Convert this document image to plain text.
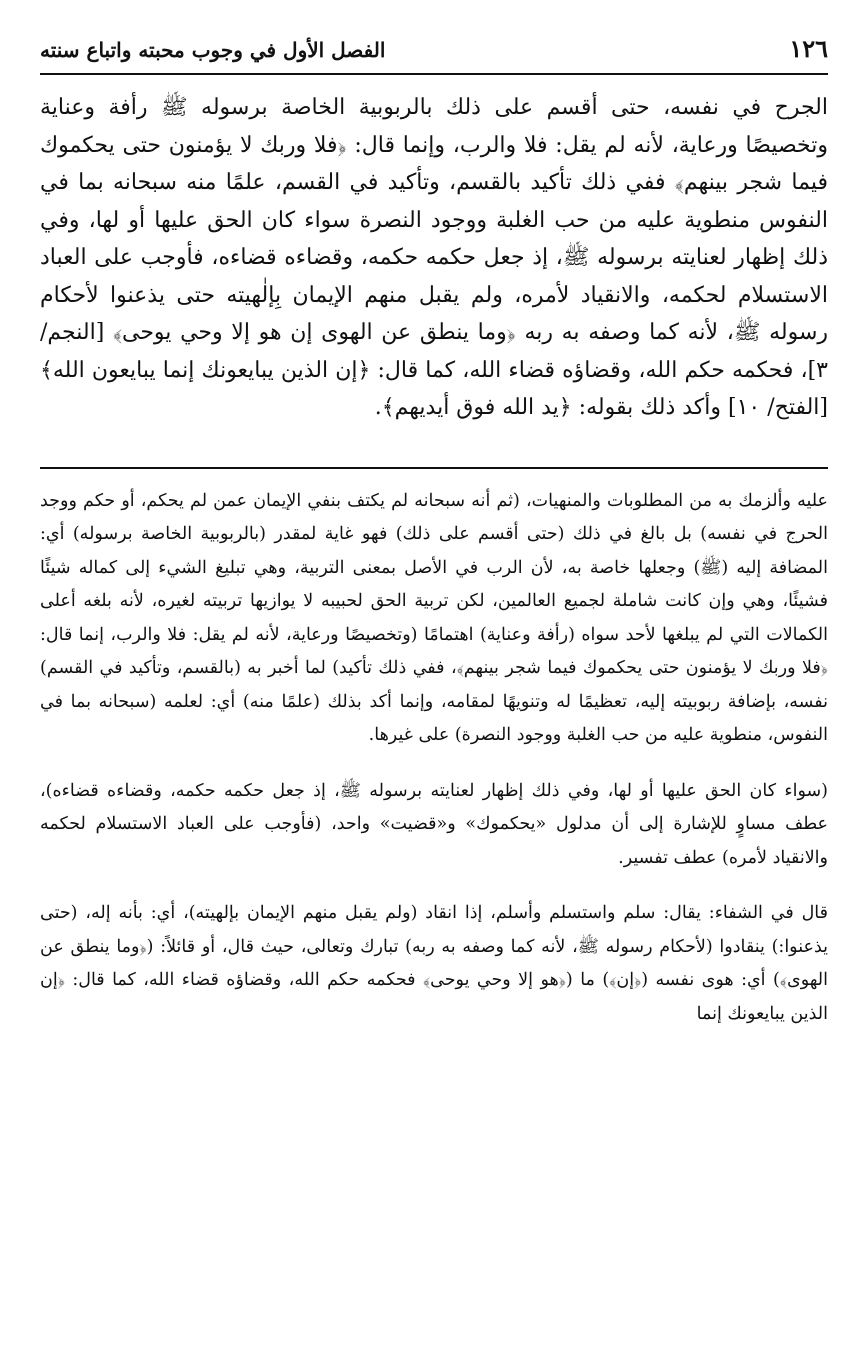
١٢٦
الفصل الأول في وجوب محبته واتباع سنته

الجرح في نفسه، حتى أقسم على ذلك بالربوبية الخاصة برسوله ﷺ رأفة وعناية وتخصيصًا ورعاية، لأنه لم يقل: فلا والرب، وإنما قال: ﴿فلا وربك لا يؤمنون حتى يحكموك فيما شجر بينهم﴾ ففي ذلك تأكيد بالقسم، وتأكيد في القسم، علمًا منه سبحانه بما في النفوس منطوية عليه من حب الغلبة ووجود النصرة سواء كان الحق عليها أو لها، وفي ذلك إظهار لعنايته برسوله ﷺ، إذ جعل حكمه حكمه، وقضاءه قضاءه، فأوجب على العباد الاستسلام لحكمه، والانقياد لأمره، ولم يقبل منهم الإيمان بِإلٰهيته حتى يذعنوا لأحكام رسوله ﷺ، لأنه كما وصفه به ربه ﴿وما ينطق عن الهوى إن هو إلا وحي يوحى﴾ [النجم/٣]، فحكمه حكم الله، وقضاؤه قضاء الله، كما قال: ﴿إن الذين يبايعونك إنما يبايعون الله﴾ [الفتح/ ١٠] وأكد ذلك بقوله: ﴿يد الله فوق أيديهم﴾.

عليه وألزمك به من المطلوبات والمنهيات، (ثم أنه سبحانه لم يكتف بنفي الإيمان عمن لم يحكم، أو حكم ووجد الحرج في نفسه) بل بالغ في ذلك (حتى أقسم على ذلك) فهو غاية لمقدر (بالربوبية الخاصة برسوله) أي: المضافة إليه (ﷺ) وجعلها خاصة به، لأن الرب في الأصل بمعنى التربية، وهي تبليغ الشيء إلى كماله شيئًا فشيئًا، وهي وإن كانت شاملة لجميع العالمين، لكن تربية الحق لحبيبه لا يوازيها تربيته لغيره، لأنه بلغه أعلى الكمالات التي لم يبلغها لأحد سواه (رأفة وعناية) اهتمامًا (وتخصيصًا ورعاية، لأنه لم يقل: فلا والرب، إنما قال: ﴿فلا وربك لا يؤمنون حتى يحكموك فيما شجر بينهم﴾، ففي ذلك تأكيد) لما أخبر به (بالقسم، وتأكيد في القسم) نفسه، بإضافة ربوبيته إليه، تعظيمًا له وتنويهًا لمقامه، وإنما أكد بذلك (علمًا منه) أي: لعلمه (سبحانه بما في النفوس، منطوية عليه من حب الغلبة ووجود النصرة) على غيرها.

(سواء كان الحق عليها أو لها، وفي ذلك إظهار لعنايته برسوله ﷺ، إذ جعل حكمه حكمه، وقضاءه قضاءه)، عطف مساوٍ للإشارة إلى أن مدلول «يحكموك» و«قضيت» واحد، (فأوجب على العباد الاستسلام لحكمه والانقياد لأمره) عطف تفسير.

قال في الشفاء: يقال: سلم واستسلم وأسلم، إذا انقاد (ولم يقبل منهم الإيمان بإلهيته)، أي: بأنه إله، (حتى يذعنوا:) ينقادوا (لأحكام رسوله ﷺ، لأنه كما وصفه به ربه) تبارك وتعالى، حيث قال، أو قائلاً: (﴿وما ينطق عن الهوى﴾) أي: هوى نفسه (﴿إن﴾) ما (﴿هو إلا وحي يوحى﴾ فحكمه حكم الله، وقضاؤه قضاء الله، كما قال: ﴿إن الذين يبايعونك إنما
